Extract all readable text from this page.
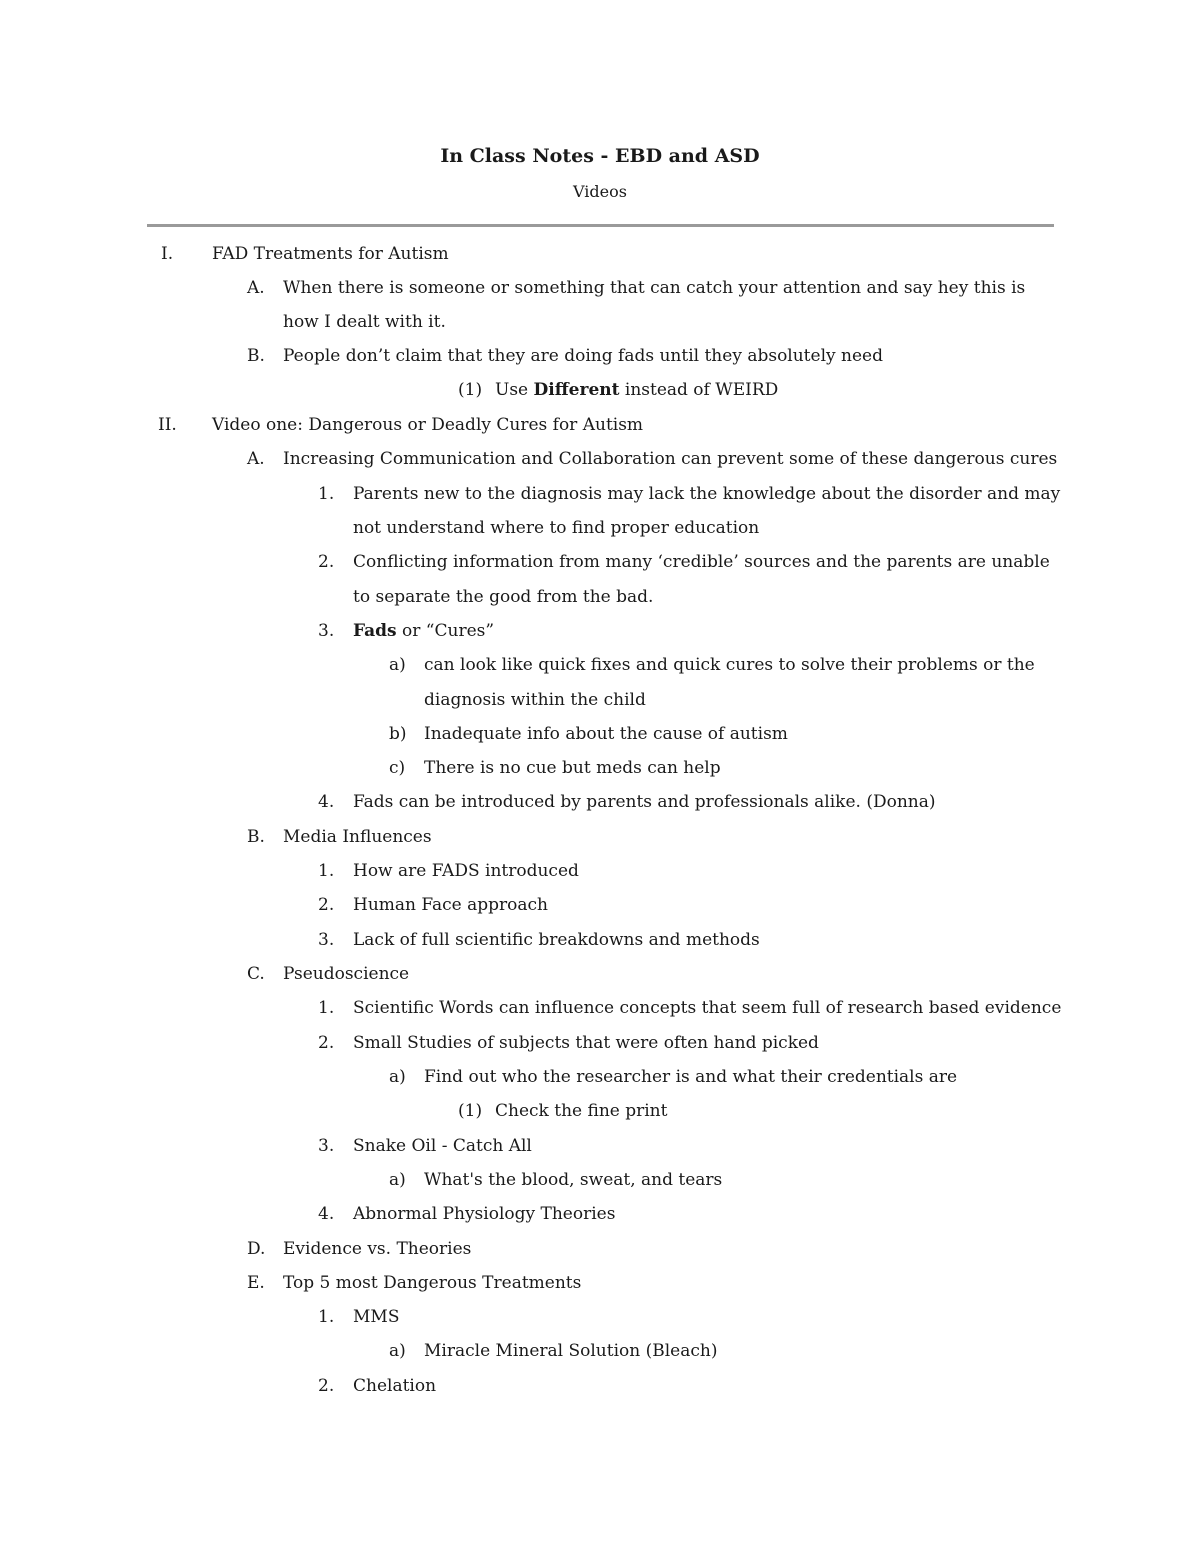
In Class Notes - EBD and ASD
Videos
I. FAD Treatments for Autism
A. When there is someone or something that can catch your attention and say hey this is
how I dealt with it.
B. People don’t claim that they are doing fads until they absolutely need
(1) Use Different instead of WEIRD
II. Video one: Dangerous or Deadly Cures for Autism
A. Increasing Communication and Collaboration can prevent some of these dangerous cures
1. Parents new to the diagnosis may lack the knowledge about the disorder and may
not understand where to find proper education
2. Conflicting information from many ‘credible’ sources and the parents are unable
to separate the good from the bad.
3. Fads or “Cures”
a) can look like quick fixes and quick cures to solve their problems or the
diagnosis within the child
b) Inadequate info about the cause of autism
c) There is no cue but meds can help
4. Fads can be introduced by parents and professionals alike. (Donna)
B. Media Influences
1. How are FADS introduced
2. Human Face approach
3. Lack of full scientific breakdowns and methods
C. Pseudoscience
1. Scientific Words can influence concepts that seem full of research based evidence
2. Small Studies of subjects that were often hand picked
a) Find out who the researcher is and what their credentials are
(1) Check the fine print
3. Snake Oil - Catch All
a) What's the blood, sweat, and tears
4. Abnormal Physiology Theories
D. Evidence vs. Theories
E. Top 5 most Dangerous Treatments
1. MMS
a) Miracle Mineral Solution (Bleach)
2. Chelation
